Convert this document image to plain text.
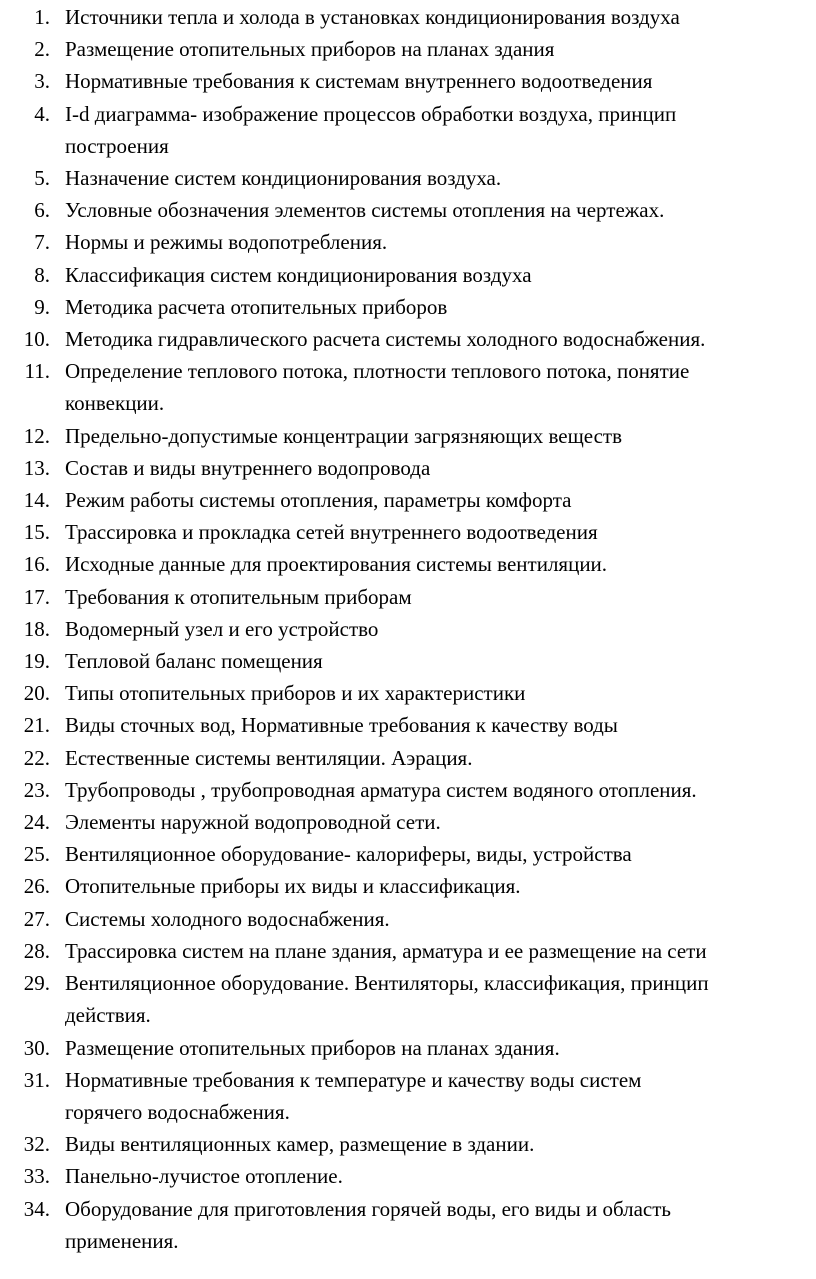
1. Источники тепла и холода в установках кондиционирования воздуха
2. Размещение отопительных приборов на планах здания
3. Нормативные требования к системам внутреннего водоотведения
4. I-d диаграмма- изображение процессов обработки воздуха, принцип
построения
5. Назначение систем кондиционирования воздуха.
6. Условные обозначения элементов системы отопления на чертежах.
7. Нормы и режимы водопотребления.
8. Классификация систем кондиционирования воздуха
9. Методика расчета отопительных приборов
10. Методика гидравлического расчета системы холодного водоснабжения.
11. Определение теплового потока, плотности теплового потока, понятие
конвекции.
12. Предельно-допустимые концентрации загрязняющих веществ
13. Состав и виды внутреннего водопровода
14. Режим работы системы отопления, параметры комфорта
15. Трассировка и прокладка сетей внутреннего водоотведения
16. Исходные данные для проектирования системы вентиляции.
17. Требования к отопительным приборам
18. Водомерный узел и его устройство
19. Тепловой баланс помещения
20. Типы отопительных приборов и их характеристики
21. Виды сточных вод, Нормативные требования к качеству воды
22. Естественные системы вентиляции. Аэрация.
23. Трубопроводы , трубопроводная арматура систем водяного отопления.
24. Элементы наружной водопроводной сети.
25. Вентиляционное оборудование- калориферы, виды, устройства
26. Отопительные приборы их виды и классификация.
27. Системы холодного водоснабжения.
28. Трассировка систем на плане здания, арматура и ее размещение на сети
29. Вентиляционное оборудование. Вентиляторы, классификация, принцип
действия.
30. Размещение отопительных приборов на планах здания.
31. Нормативные требования к температуре и качеству воды систем
горячего водоснабжения.
32. Виды вентиляционных камер, размещение в здании.
33. Панельно-лучистое отопление.
34. Оборудование для приготовления горячей воды, его виды и область
применения.
